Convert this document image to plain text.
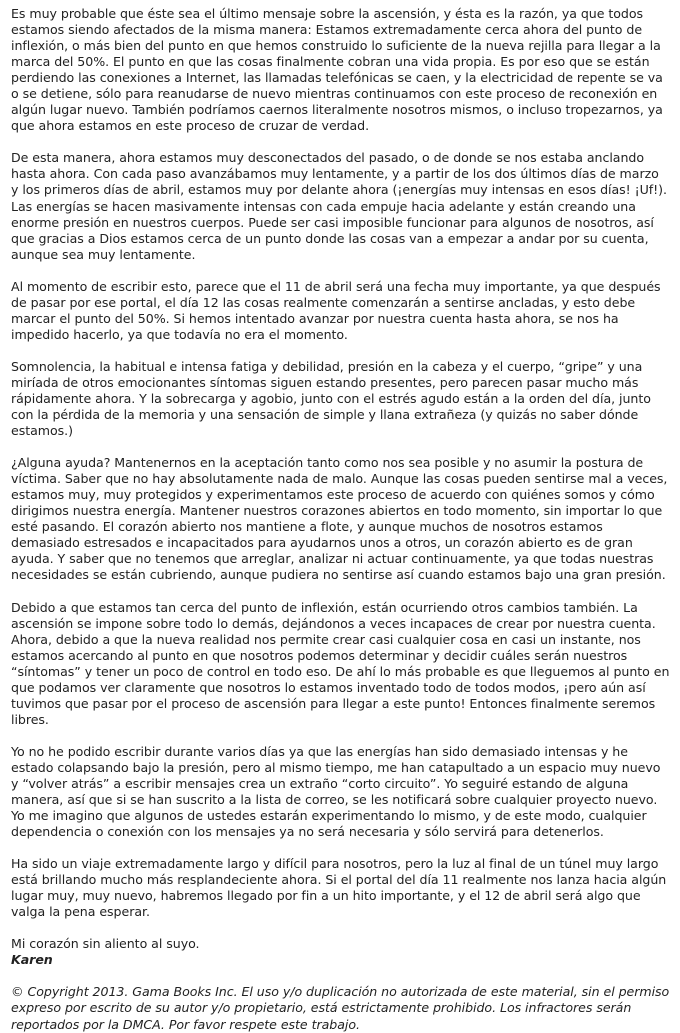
Es muy probable que éste sea el último mensaje sobre la ascensión, y ésta es la razón, ya que todos estamos siendo afectados de la misma manera: Estamos extremadamente cerca ahora del punto de inflexión, o más bien del punto en que hemos construido lo suficiente de la nueva rejilla para llegar a la marca del 50%. El punto en que las cosas finalmente cobran una vida propia. Es por eso que se están perdiendo las conexiones a Internet, las llamadas telefónicas se caen, y la electricidad de repente se va o se detiene, sólo para reanudarse de nuevo mientras continuamos con este proceso de reconexión en algún lugar nuevo. También podríamos caernos literalmente nosotros mismos, o incluso tropezarnos, ya que ahora estamos en este proceso de cruzar de verdad.

De esta manera, ahora estamos muy desconectados del pasado, o de donde se nos estaba anclando hasta ahora. Con cada paso avanzábamos muy lentamente, y a partir de los dos últimos días de marzo y los primeros días de abril, estamos muy por delante ahora (¡energías muy intensas en esos días! ¡Uf!). Las energías se hacen masivamente intensas con cada empuje hacia adelante y están creando una enorme presión en nuestros cuerpos. Puede ser casi imposible funcionar para algunos de nosotros, así que gracias a Dios estamos cerca de un punto donde las cosas van a empezar a andar por su cuenta, aunque sea muy lentamente.

Al momento de escribir esto, parece que el 11 de abril será una fecha muy importante, ya que después de pasar por ese portal, el día 12 las cosas realmente comenzarán a sentirse ancladas, y esto debe marcar el punto del 50%. Si hemos intentado avanzar por nuestra cuenta hasta ahora, se nos ha impedido hacerlo, ya que todavía no era el momento.

Somnolencia, la habitual e intensa fatiga y debilidad, presión en la cabeza y el cuerpo, “gripe” y una miríada de otros emocionantes síntomas siguen estando presentes, pero parecen pasar mucho más rápidamente ahora. Y la sobrecarga y agobio, junto con el estrés agudo están a la orden del día, junto con la pérdida de la memoria y una sensación de simple y llana extrañeza (y quizás no saber dónde estamos.)

¿Alguna ayuda? Mantenernos en la aceptación tanto como nos sea posible y no asumir la postura de víctima. Saber que no hay absolutamente nada de malo. Aunque las cosas pueden sentirse mal a veces, estamos muy, muy protegidos y experimentamos este proceso de acuerdo con quiénes somos y cómo dirigimos nuestra energía. Mantener nuestros corazones abiertos en todo momento, sin importar lo que esté pasando. El corazón abierto nos mantiene a flote, y aunque muchos de nosotros estamos demasiado estresados e incapacitados para ayudarnos unos a otros, un corazón abierto es de gran ayuda. Y saber que no tenemos que arreglar, analizar ni actuar continuamente, ya que todas nuestras necesidades se están cubriendo, aunque pudiera no sentirse así cuando estamos bajo una gran presión.

Debido a que estamos tan cerca del punto de inflexión, están ocurriendo otros cambios también. La ascensión se impone sobre todo lo demás, dejándonos a veces incapaces de crear por nuestra cuenta. Ahora, debido a que la nueva realidad nos permite crear casi cualquier cosa en casi un instante, nos estamos acercando al punto en que nosotros podemos determinar y decidir cuáles serán nuestros “síntomas” y tener un poco de control en todo eso. De ahí lo más probable es que lleguemos al punto en que podamos ver claramente que nosotros lo estamos inventado todo de todos modos, ¡pero aún así tuvimos que pasar por el proceso de ascensión para llegar a este punto! Entonces finalmente seremos libres.

Yo no he podido escribir durante varios días ya que las energías han sido demasiado intensas y he estado colapsando bajo la presión, pero al mismo tiempo, me han catapultado a un espacio muy nuevo y “volver atrás” a escribir mensajes crea un extraño “corto circuito”. Yo seguiré estando de alguna manera, así que si se han suscrito a la lista de correo, se les notificará sobre cualquier proyecto nuevo. Yo me imagino que algunos de ustedes estarán experimentando lo mismo, y de este modo, cualquier dependencia o conexión con los mensajes ya no será necesaria y sólo servirá para detenerlos.

Ha sido un viaje extremadamente largo y difícil para nosotros, pero la luz al final de un túnel muy largo está brillando mucho más resplandeciente ahora. Si el portal del día 11 realmente nos lanza hacia algún lugar muy, muy nuevo, habremos llegado por fin a un hito importante, y el 12 de abril será algo que valga la pena esperar.

Mi corazón sin aliento al suyo.
Karen

© Copyright 2013. Gama Books Inc. El uso y/o duplicación no autorizada de este material, sin el permiso expreso por escrito de su autor y/o propietario, está estrictamente prohibido. Los infractores serán reportados por la DMCA. Por favor respete este trabajo.
